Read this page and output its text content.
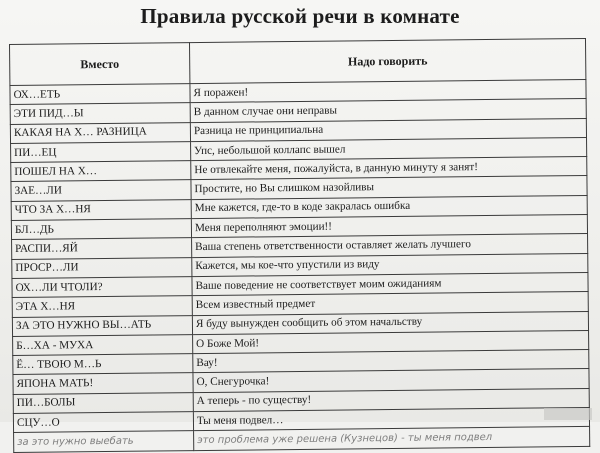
Правила русской речи в комнате
Вместо	Надо говорить
ОХ…ЕТЬ	Я поражен!
ЭТИ ПИД…Ы	В данном случае они неправы
КАКАЯ НА Х… РАЗНИЦА	Разница не принципиальна
ПИ…ЕЦ	Упс, небольшой коллапс вышел
ПОШЕЛ НА Х…	Не отвлекайте меня, пожалуйста, в данную минуту я занят!
ЗАЕ…ЛИ	Простите, но Вы слишком назойливы
ЧТО ЗА Х…НЯ	Мне кажется, где-то в коде закралась ошибка
БЛ…ДЬ	Меня переполняют эмоции!!
РАСПИ…ЯЙ	Ваша степень ответственности оставляет желать лучшего
ПРОСР…ЛИ	Кажется, мы кое-что упустили из виду
ОХ…ЛИ ЧТОЛИ?	Ваше поведение не соответствует моим ожиданиям
ЭТА Х…НЯ	Всем известный предмет
ЗА ЭТО НУЖНО ВЫ…АТЬ	Я буду вынужден сообщить об этом начальству
Б…ХА - МУХА	О Боже Мой!
Ё… ТВОЮ М…Ь	Вау!
ЯПОНА МАТЬ!	О, Снегурочка!
ПИ…БОЛЫ	А теперь - по существу!
СЦУ…О	Ты меня подвел…
за это нужно выебать	это проблема уже решена (Кузнецов) - ты меня подвел
